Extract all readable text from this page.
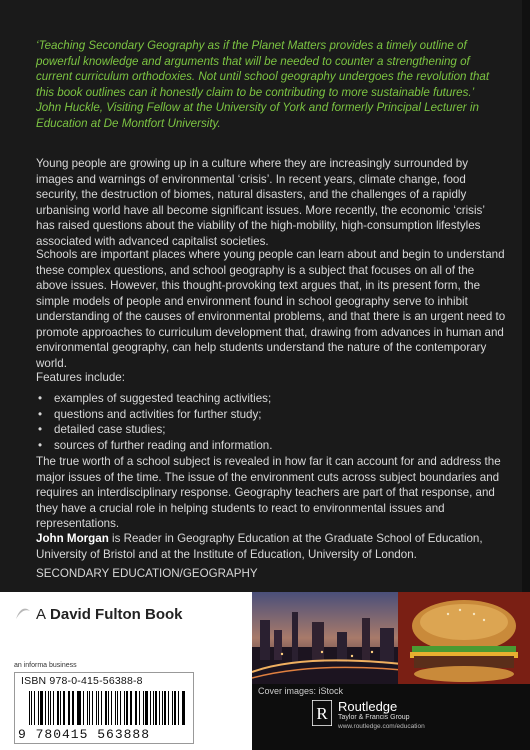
‘Teaching Secondary Geography as if the Planet Matters provides a timely outline of powerful knowledge and arguments that will be needed to counter a strengthening of current curriculum orthodoxies. Not until school geography undergoes the revolution that this book outlines can it honestly claim to be contributing to more sustainable futures.’
John Huckle, Visiting Fellow at the University of York and formerly Principal Lecturer in Education at De Montfort University.
Young people are growing up in a culture where they are increasingly surrounded by images and warnings of environmental ‘crisis’. In recent years, climate change, food security, the destruction of biomes, natural disasters, and the challenges of a rapidly urbanising world have all become significant issues. More recently, the economic ‘crisis’ has raised questions about the viability of the high-mobility, high-consumption lifestyles associated with advanced capitalist societies.
Schools are important places where young people can learn about and begin to understand these complex questions, and school geography is a subject that focuses on all of the above issues. However, this thought-provoking text argues that, in its present form, the simple models of people and environment found in school geography serve to inhibit understanding of the causes of environmental problems, and that there is an urgent need to promote approaches to curriculum development that, drawing from advances in human and environmental geography, can help students understand the nature of the contemporary world.
Features include:
• examples of suggested teaching activities;
• questions and activities for further study;
• detailed case studies;
• sources of further reading and information.
The true worth of a school subject is revealed in how far it can account for and address the major issues of the time. The issue of the environment cuts across subject boundaries and requires an interdisciplinary response. Geography teachers are part of that response, and they have a crucial role in helping students to react to environmental issues and representations.
John Morgan is Reader in Geography Education at the Graduate School of Education, University of Bristol and at the Institute of Education, University of London.
SECONDARY EDUCATION/GEOGRAPHY
A David Fulton Book
an informa business
ISBN 978-0-415-56388-8
9 780415 563888
Cover images: iStock
R Routledge
Taylor & Francis Group
www.routledge.com/education
